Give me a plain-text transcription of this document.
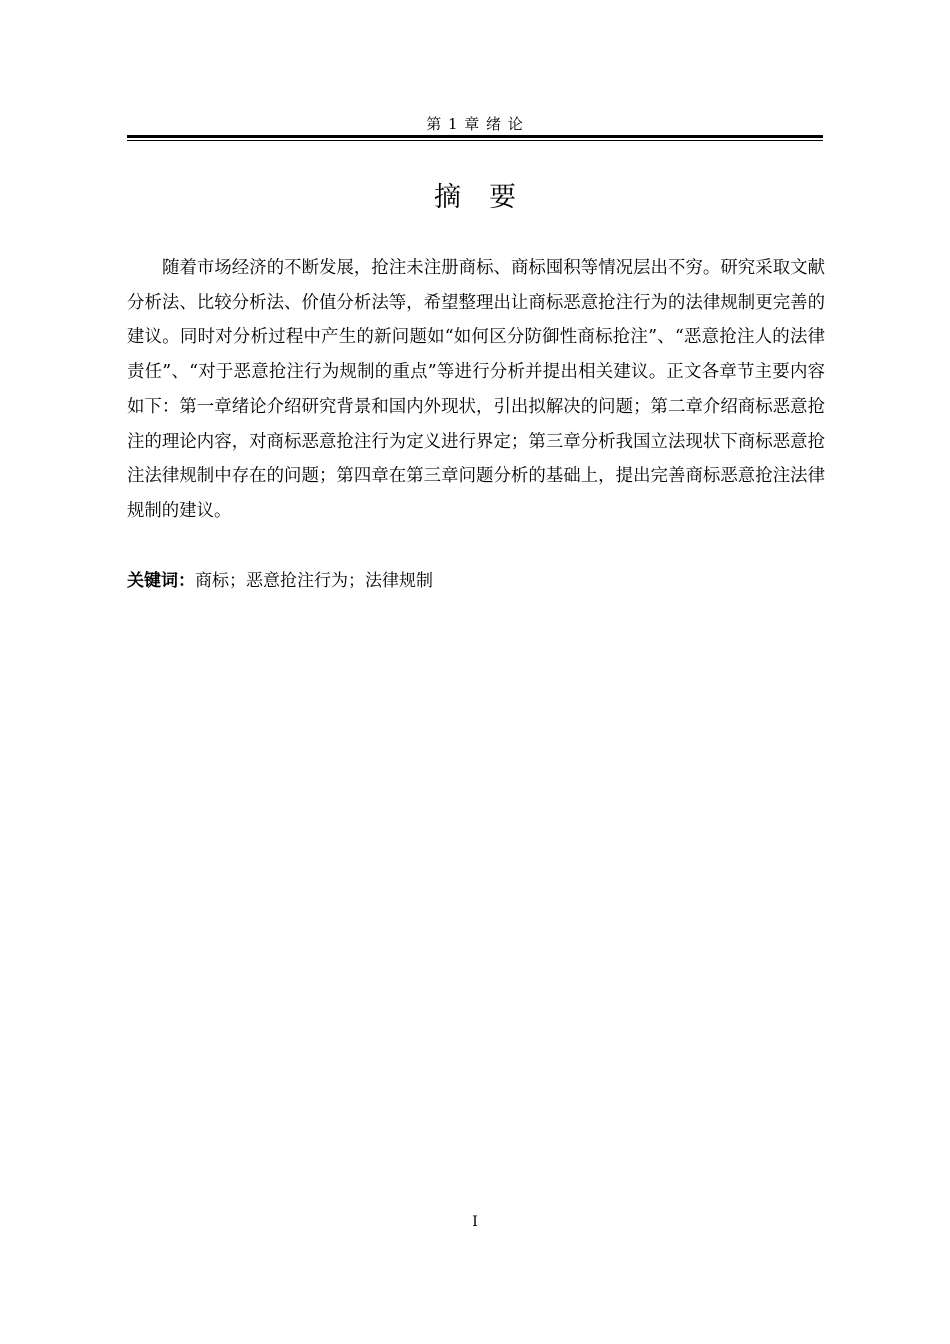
第 1 章 绪 论
摘要

随着市场经济的不断发展，抢注未注册商标、商标囤积等情况层出不穷。研究采取文献分析法、比较分析法、价值分析法等，希望整理出让商标恶意抢注行为的法律规制更完善的建议。同时对分析过程中产生的新问题如“如何区分防御性商标抢注”、“恶意抢注人的法律责任”、“对于恶意抢注行为规制的重点”等进行分析并提出相关建议。正文各章节主要内容如下：第一章绪论介绍研究背景和国内外现状，引出拟解决的问题；第二章介绍商标恶意抢注的理论内容，对商标恶意抢注行为定义进行界定；第三章分析我国立法现状下商标恶意抢注法律规制中存在的问题；第四章在第三章问题分析的基础上，提出完善商标恶意抢注法律规制的建议。

关键词：商标；恶意抢注行为；法律规制
I
